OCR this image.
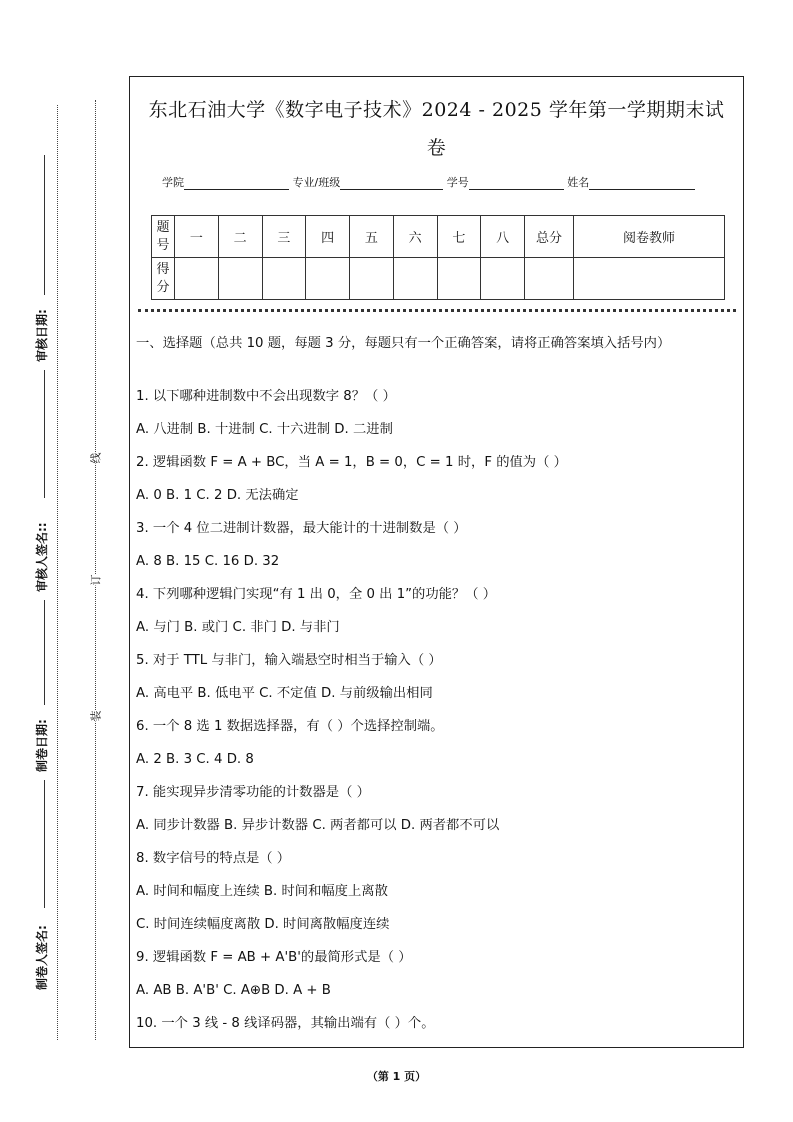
审核日期:
审核人签名::
制卷日期:
制卷人签名:
线
订
装
东北石油大学《数字电子技术》2024 - 2025 学年第一学期期末试
卷
学院	专业/班级	学号	姓名
题号	一	二	三	四	五	六	七	八	总分	阅卷教师
得分										
一、选择题（总共 10 题，每题 3 分，每题只有一个正确答案，请将正确答案填入括号内）
1. 以下哪种进制数中不会出现数字 8？（ ）
A. 八进制 B. 十进制 C. 十六进制 D. 二进制
2. 逻辑函数 F = A + BC，当 A = 1，B = 0，C = 1 时，F 的值为（ ）
A. 0 B. 1 C. 2 D. 无法确定
3. 一个 4 位二进制计数器，最大能计的十进制数是（ ）
A. 8 B. 15 C. 16 D. 32
4. 下列哪种逻辑门实现“有 1 出 0，全 0 出 1”的功能？（ ）
A. 与门 B. 或门 C. 非门 D. 与非门
5. 对于 TTL 与非门，输入端悬空时相当于输入（ ）
A. 高电平 B. 低电平 C. 不定值 D. 与前级输出相同
6. 一个 8 选 1 数据选择器，有（ ）个选择控制端。
A. 2 B. 3 C. 4 D. 8
7. 能实现异步清零功能的计数器是（ ）
A. 同步计数器 B. 异步计数器 C. 两者都可以 D. 两者都不可以
8. 数字信号的特点是（ ）
A. 时间和幅度上连续 B. 时间和幅度上离散
C. 时间连续幅度离散 D. 时间离散幅度连续
9. 逻辑函数 F = AB + A'B'的最简形式是（ ）
A. AB B. A'B' C. A⊕B D. A + B
10. 一个 3 线 - 8 线译码器，其输出端有（ ）个。
（第 1 页）
